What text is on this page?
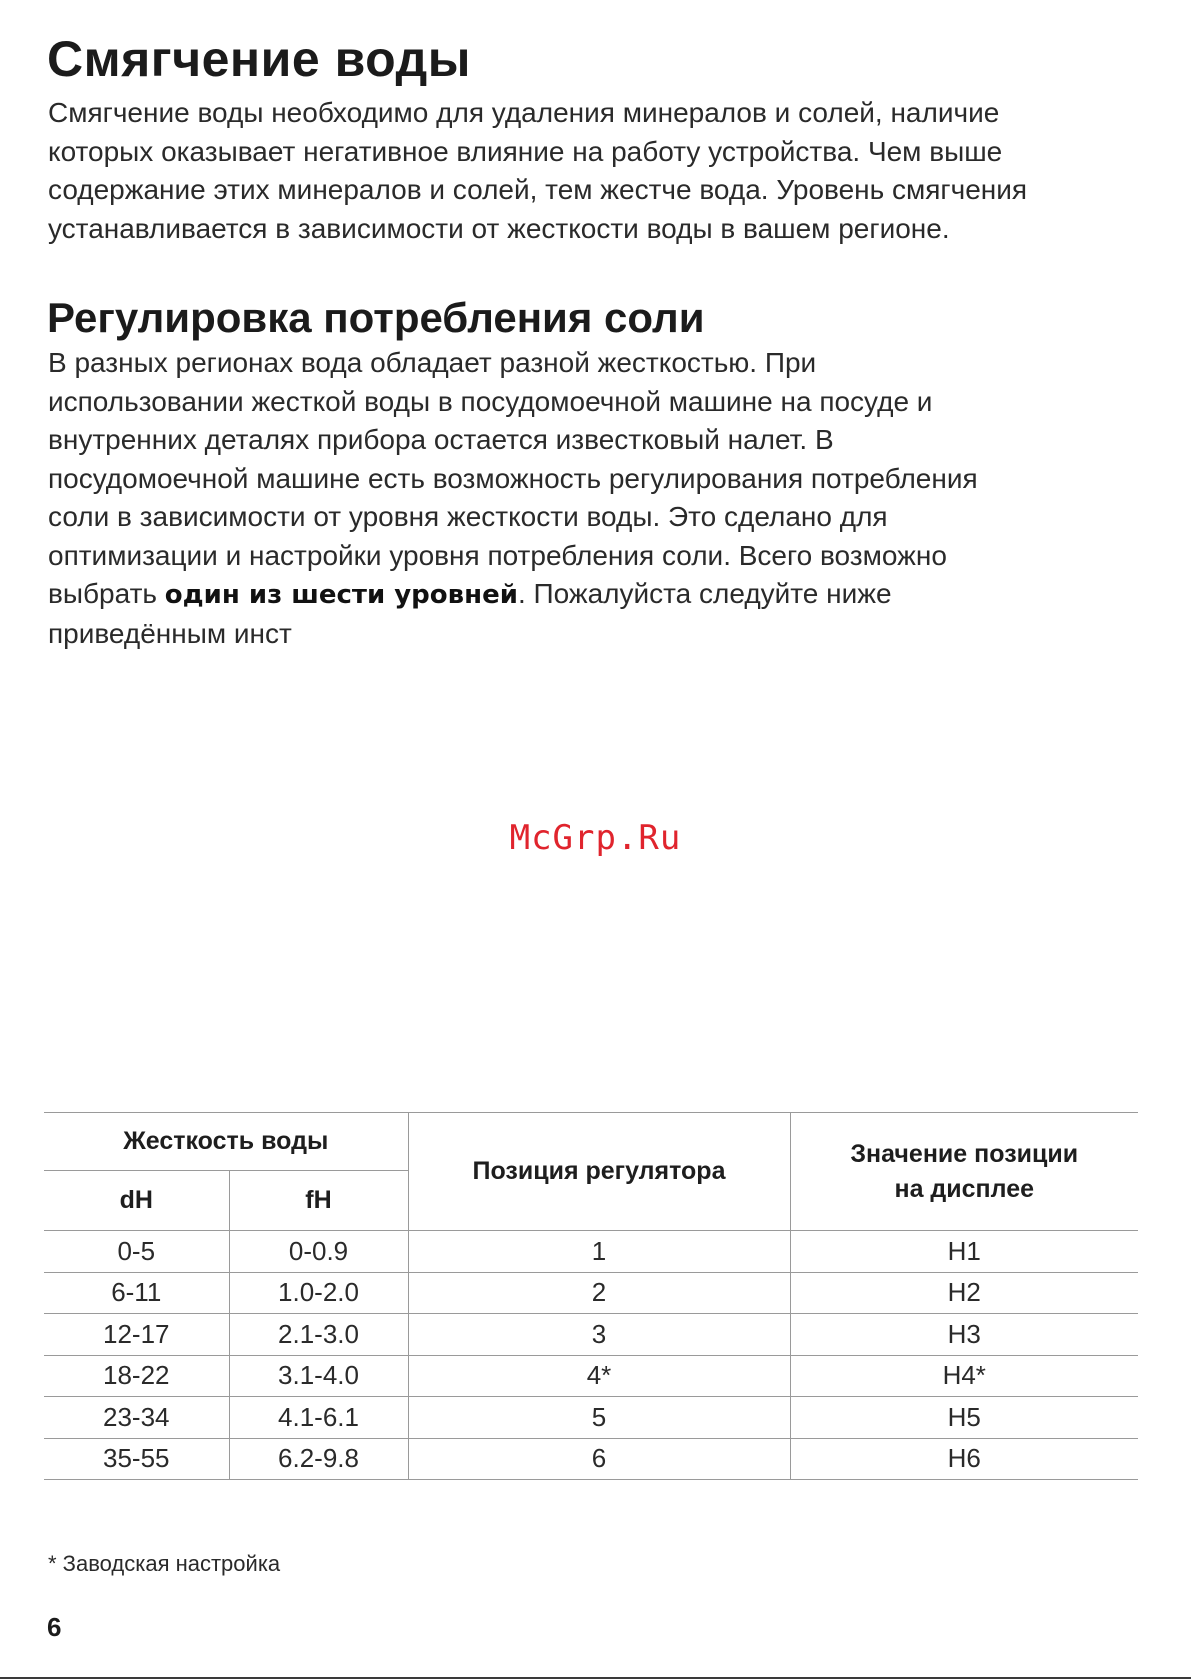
Смягчение воды
Смягчение воды необходимо для удаления минералов и солей, наличие
которых оказывает негативное влияние на работу устройства. Чем выше
содержание этих минералов и солей, тем жестче вода. Уровень смягчения
устанавливается в зависимости от жесткости воды в вашем регионе.
Регулировка потребления соли
В разных регионах вода обладает разной жесткостью. При
использовании жесткой воды в посудомоечной машине на посуде и
внутренних деталях прибора остается известковый налет. В
посудомоечной машине есть возможность регулирования потребления
соли в зависимости от уровня жесткости воды. Это сделано для
оптимизации и настройки уровня потребления соли. Всего возможно
выбрать один из шести уровней. Пожалуйста следуйте ниже
приведённым инст
McGrp.Ru
Жесткость воды		Позиция регулятора	Значение позиции
на дисплее

dH	fH		
0-5	0-0.9	1	H1
6-11	1.0-2.0	2	H2
12-17	2.1-3.0	3	H3
18-22	3.1-4.0	4*	H4*
23-34	4.1-6.1	5	H5
35-55	6.2-9.8	6	H6
* Заводская настройка
6
